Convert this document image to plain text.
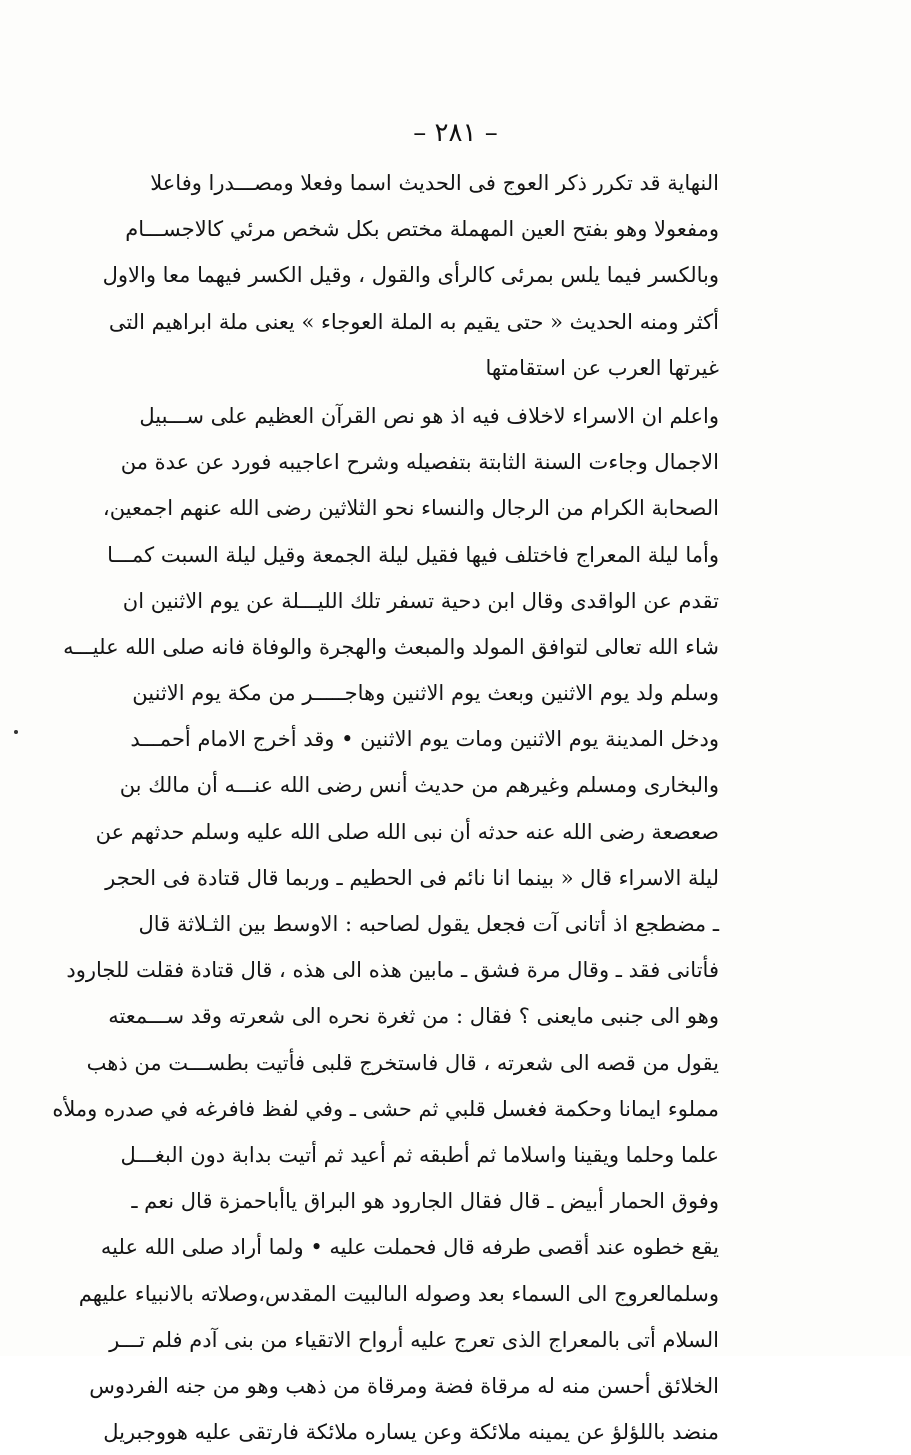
– ٢٨١ –
النهاية قد تكرر ذكر العوج فى الحديث اسما وفعلا ومصـــدرا وفاعلا
ومفعولا وهو بفتح العين المهملة مختص بكل شخص مرئي كالاجســـام
وبالكسر فيما يلس بمرئى كالرأى والقول ، وقيل الكسر فيهما معا والاول
أكثر ومنه الحديث « حتى يقيم به الملة العوجاء » يعنى ملة ابراهيم التى
غيرتها العرب عن استقامتها
واعلم ان الاسراء لاخلاف فيه اذ هو نص القرآن العظيم على ســـبيل
الاجمال وجاءت السنة الثابتة بتفصيله وشرح اعاجيبه فورد عن عدة من
الصحابة الكرام من الرجال والنساء نحو الثلاثين رضى الله عنهم اجمعين،
وأما ليلة المعراج فاختلف فيها فقيل ليلة الجمعة وقيل ليلة السبت كمـــا
تقدم عن الواقدى وقال ابن دحية تسفر تلك الليـــلة عن يوم الاثنين ان
شاء الله تعالى لتوافق المولد والمبعث والهجرة والوفاة فانه صلى الله عليـــه
وسلم ولد يوم الاثنين وبعث يوم الاثنين وهاجـــــر من مكة يوم الاثنين
ودخل المدينة يوم الاثنين ومات يوم الاثنين • وقد أخرج الامام أحمـــد
والبخارى ومسلم وغيرهم من حديث أنس رضى الله عنـــه أن مالك بن
صعصعة رضى الله عنه حدثه أن نبى الله صلى الله عليه وسلم حدثهم عن
ليلة الاسراء قال « بينما انا نائم فى الحطيم ـ وربما قال قتادة فى الحجر
ـ مضطجع اذ أتانى آت فجعل يقول لصاحبه : الاوسط بين الثـلاثة قال
فأتانى فقد ـ وقال مرة فشق ـ مابين هذه الى هذه ، قال قتادة فقلت للجارود
وهو الى جنبى مايعنى ؟ فقال : من ثغرة نحره الى شعرته وقد ســـمعته
يقول من قصه الى شعرته ، قال فاستخرج قلبى فأتيت بطســـت من ذهب
مملوء ايمانا وحكمة فغسل قلبي ثم حشى ـ وفي لفظ فافرغه في صدره وملأه
علما وحلما ويقينا واسلاما ثم أطبقه ثم أعيد ثم أتيت بدابة دون البغـــل
وفوق الحمار أبيض ـ قال فقال الجارود هو البراق ياأباحمزة قال نعم ـ
يقع خطوه عند أقصى طرفه قال فحملت عليه • ولما أراد صلى الله عليه
وسلمالعروج الى السماء بعد وصوله الىالبيت المقدس،وصلاته بالانبياء عليهم
السلام أتى بالمعراج الذى تعرج عليه أرواح الاتقياء من بنى آدم فلم تـــر
الخلائق أحسن منه له مرقاة فضة ومرقاة من ذهب وهو من جنه الفردوس
منضد باللؤلؤ عن يمينه ملائكة وعن يساره ملائكة فارتقى عليه هووجبريل
